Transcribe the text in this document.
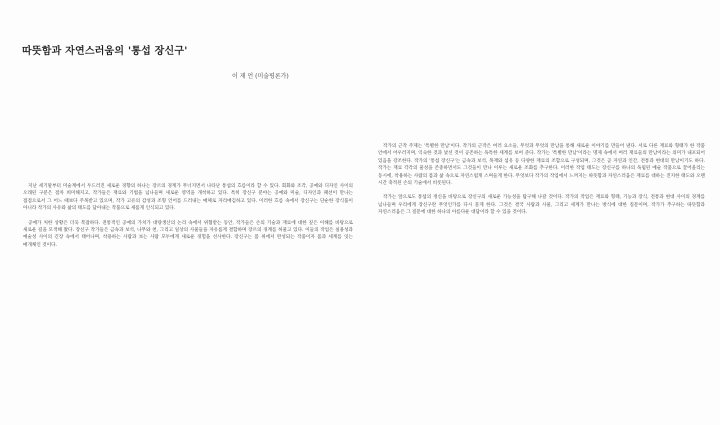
따뜻함과 자연스러움의 '통섭 장신구'
이 재 언 (미술평론가)

지난 세기말부터 미술계에서 두드러진 새로운 경향의 하나는 장르의 경계가 무너지면서 나타난 통섭의 흐름이라 할 수 있다. 회화와 조각, 공예와 디자인 사이의 오래된 구분은 점차 희미해지고, 작가들은 재료와 기법을 넘나들며 새로운 영역을 개척하고 있다. 특히 장신구 분야는 공예와 미술, 디자인과 패션이 만나는 접점으로서 그 어느 때보다 주목받고 있으며, 작가 고유의 감성과 조형 언어를 드러내는 매체로 자리매김하고 있다. 이러한 흐름 속에서 장신구는 단순한 장식품이 아니라 작가의 사유와 삶의 태도를 담아내는 작품으로 새롭게 인식되고 있다.

공예가 처한 상황은 더욱 복잡하다. 전통적인 공예의 가치가 대량생산의 논리 속에서 위협받는 동안, 작가들은 손의 기술과 재료에 대한 깊은 이해를 바탕으로 새로운 길을 모색해 왔다. 장신구 작가들은 금속과 보석, 나무와 천, 그리고 일상의 사물들을 자유롭게 결합하며 장르의 경계를 허물고 있다. 이들의 작업은 실용성과 예술성 사이의 긴장 속에서 태어나며, 착용하는 사람과 보는 사람 모두에게 새로운 경험을 선사한다. 장신구는 몸 위에서 완성되는 작품이자 몸과 세계를 잇는 매개체인 것이다.

작가의 근작 주제는 '특별한 만남'이다. 작가의 근작은 여러 요소들, 무엇과 무엇의 만남을 통해 새로운 이야기를 만들어 낸다. 서로 다른 재료와 형태가 한 작품 안에서 어우러지며, 익숙한 것과 낯선 것이 공존하는 독특한 세계를 보여 준다. 작가는 '특별한 만남'이라는 명제 속에서 여러 재료들의 만남이라는 의미가 내포되어 있음을 강조한다. 작가의 '통섭 장신구'는 금속과 보석, 목재와 섬유 등 다양한 재료의 조합으로 구성되며, 그것은 곧 자연과 인간, 전통과 현대의 만남이기도 하다. 작가는 재료 각각의 물성을 존중하면서도 그것들이 만나 이루는 새로운 조화를 추구한다. 이러한 작업 태도는 장신구를 하나의 독립된 예술 작품으로 끌어올리는 동시에, 착용하는 사람의 몸과 삶 속으로 자연스럽게 스며들게 한다. 무엇보다 작가의 작업에서 느껴지는 따뜻함과 자연스러움은 재료를 대하는 진지한 태도와 오랜 시간 축적된 손의 기술에서 비롯된다.

작가는 앞으로도 통섭의 정신을 바탕으로 장신구의 새로운 가능성을 탐구해 나갈 것이다. 작가의 작업은 재료와 형태, 기능과 장식, 전통과 현대 사이의 경계를 넘나들며 우리에게 장신구란 무엇인가를 다시 묻게 한다. 그것은 결국 사람과 사물, 그리고 세계가 만나는 방식에 대한 질문이며, 작가가 추구하는 따뜻함과 자연스러움은 그 질문에 대한 하나의 아름다운 대답이라 할 수 있을 것이다.
